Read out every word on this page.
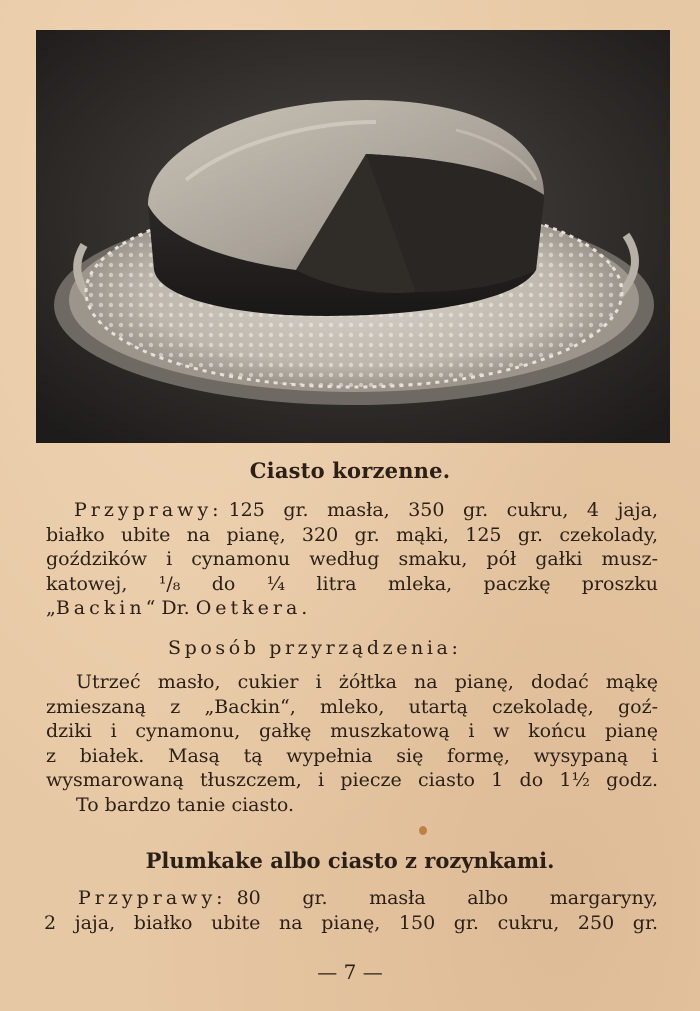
Ciasto korzenne.
Przyprawy: 125 gr. masła, 350 gr. cukru, 4 jaja,
białko ubite na pianę, 320 gr. mąki, 125 gr. czekolady,
goździków i cynamonu według smaku, pół gałki musz-
katowej, ¹/₈ do ¼ litra mleka, paczkę proszku
„Backin“ Dr. Oetkera.
Sposób przyrządzenia:
Utrzeć masło, cukier i żółtka na pianę, dodać mąkę
zmieszaną z „Backin“, mleko, utartą czekoladę, goź-
dziki i cynamonu, gałkę muszkatową i w końcu pianę
z białek. Masą tą wypełnia się formę, wysypaną i
wysmarowaną tłuszczem, i piecze ciasto 1 do 1½ godz.
To bardzo tanie ciasto.
Plumkake albo ciasto z rozynkami.
Przyprawy: 80 gr. masła albo margaryny,
2 jaja, białko ubite na pianę, 150 gr. cukru, 250 gr.
— 7 —
